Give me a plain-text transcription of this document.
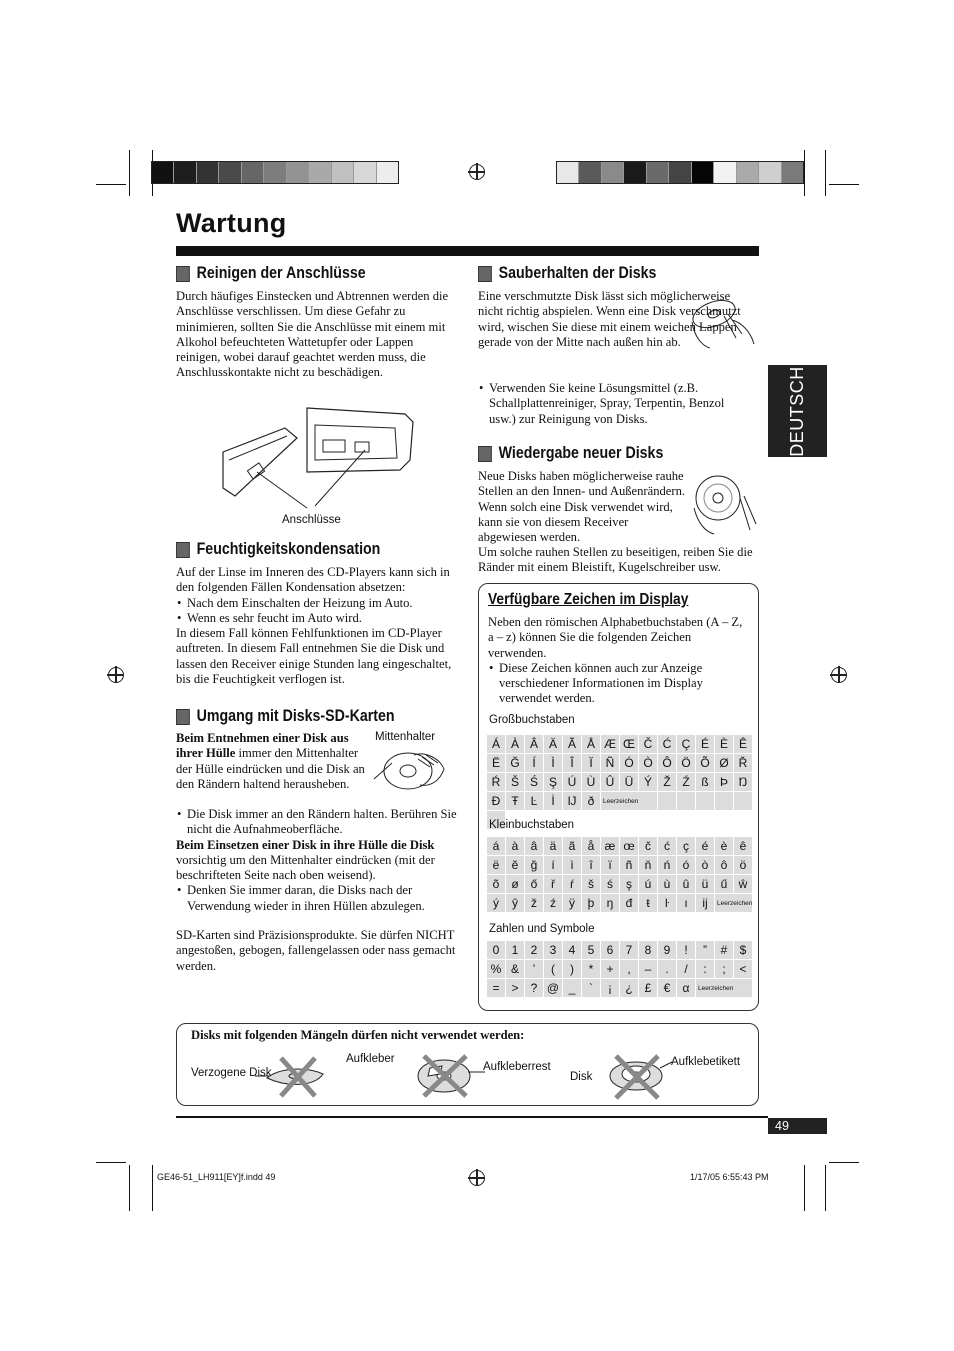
Wartung
DEUTSCH
Reinigen der Anschlüsse

Durch häufiges Einstecken und Abtrennen werden die Anschlüsse verschlissen. Um diese Gefahr zu minimieren, sollten Sie die Anschlüsse mit einem mit Alkohol befeuchteten Wattetupfer oder Lappen reinigen, wobei darauf geachtet werden muss, die Anschlusskontakte nicht zu beschädigen.

Anschlüsse
Feuchtigkeitskondensation

Auf der Linse im Inneren des CD-Players kann sich in den folgenden Fällen Kondensation absetzen:

• Nach dem Einschalten der Heizung im Auto.
• Wenn es sehr feucht im Auto wird.

In diesem Fall können Fehlfunktionen im CD-Player auftreten. In diesem Fall entnehmen Sie die Disk und lassen den Receiver einige Stunden lang eingeschaltet, bis die Feuchtigkeit verflogen ist.

Umgang mit Disks-SD-Karten
Mittenhalter

Beim Entnehmen einer Disk aus ihrer Hülle immer den Mittenhalter der Hülle eindrücken und die Disk an den Rändern haltend herausheben.

• Die Disk immer an den Rändern halten. Berühren Sie nicht die Aufnahmeoberfläche.

Beim Einsetzen einer Disk in ihre Hülle die Disk vorsichtig um den Mittenhalter eindrücken (mit der beschrifteten Seite nach oben weisend).

• Denken Sie immer daran, die Disks nach der Verwendung wieder in ihren Hüllen abzulegen.

SD-Karten sind Präzisionsprodukte. Sie dürfen NICHT angestoßen, gebogen, fallengelassen oder nass gemacht werden.

Sauberhalten der Disks

Eine verschmutzte Disk lässt sich möglicherweise nicht richtig abspielen. Wenn eine Disk verschmutzt wird, wischen Sie diese mit einem weichen Lappen gerade von der Mitte nach außen hin ab.

• Verwenden Sie keine Lösungsmittel (z.B. Schallplattenreiniger, Spray, Terpentin, Benzol usw.) zur Reinigung von Disks.
Wiedergabe neuer Disks

Neue Disks haben möglicherweise rauhe Stellen an den Innen- und Außenrändern. Wenn solch eine Disk verwendet wird, kann sie von diesem Receiver abgewiesen werden.

Um solche rauhen Stellen zu beseitigen, reiben Sie die Ränder mit einem Bleistift, Kugelschreiber usw.

Verfügbare Zeichen im Display

Neben den römischen Alphabetbuchstaben (A – Z, a – z) können Sie die folgenden Zeichen verwenden.

• Diese Zeichen können auch zur Anzeige verschiedener Informationen im Display verwendet werden.
Großbuchstaben
Á À Â Ä Ã Å Æ Œ Č Ć Ç É È Ê
Ë Ğ	Í	Ì	Î	Ï	Ñ Ó Ò Ô Ö Õ Ø Ř
Ŕ Š Ś Ş Ú Ù Û Ü Ý Ž Ź ß Þ Ŋ
Đ Ŧ Ŀ	İ	Ĳ ð	Leerzeichen
Kleinbuchstaben
á	à	â	ä	ã	å æ œ č	ć	ç	é	è	ê
ë	ĕ	ğ	í	ì	î	ï	ñ	ň	ń	ó	ò	ô	ö
õ ø ő	ř	ŕ	š	ś	ş	ú	ù	û	ü	ű ŵ
ý	ŷ	ž	ź	ÿ	þ	ŋ	đ	ŧ	ŀ	ı	ĳ	Leerzeichen
Zahlen und Symbole
0	1	2	3	4	5	6	7	8	9	!	”	#	$
% &	’	(	)	*	+	,	–	.	/	:	;	<
= >	? @ _	`	¡	¿ £	€	α	Leerzeichen
Disks mit folgenden Mängeln dürfen nicht verwendet werden:
Verzogene Disk
Aufkleber
Aufkleberrest
Disk
Aufklebetikett
49
GE46-51_LH911[EY]f.indd 49	1/17/05 6:55:43 PM
